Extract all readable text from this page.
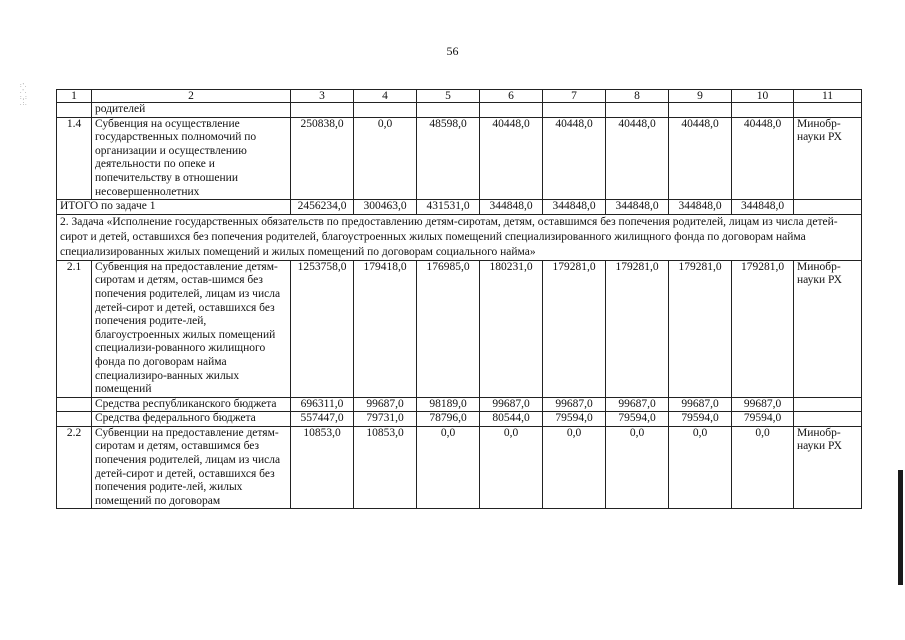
56
:'.
.'.
:,:
.:.
1	2	3	4	5	6	7	8	9	10	11
	родителей									
1.4	Субвенция на осуществление государственных полномочий по организации и осуществлению деятельности по опеке и попечительству в отношении несовершеннолетних	250838,0	0,0	48598,0	40448,0	40448,0	40448,0	40448,0	40448,0	Минобр-науки РХ
ИТОГО по задаче 1		2456234,0	300463,0	431531,0	344848,0	344848,0	344848,0	344848,0	344848,0	
2. Задача «Исполнение государственных обязательств по предоставлению детям-сиротам, детям, оставшимся без попечения родителей, лицам из числа детей-сирот и детей, оставшихся без попечения родителей, благоустроенных жилых помещений специализированного жилищного фонда по договорам найма специализированных жилых помещений и жилых помещений по договорам социального найма»										
2.1	Субвенция на предоставление детям-сиротам и детям, остав-шимся без попечения родителей, лицам из числа детей-сирот и детей, оставшихся без попечения родите-лей, благоустроенных жилых помещений специализи-рованного жилищного фонда по договорам найма специализиро-ванных жилых помещений	1253758,0	179418,0	176985,0	180231,0	179281,0	179281,0	179281,0	179281,0	Минобр-науки РХ
	Средства республиканского бюджета	696311,0	99687,0	98189,0	99687,0	99687,0	99687,0	99687,0	99687,0	
	Средства федерального бюджета	557447,0	79731,0	78796,0	80544,0	79594,0	79594,0	79594,0	79594,0	
2.2	Субвенции на предоставление детям-сиротам и детям, оставшимся без попечения родителей, лицам из числа детей-сирот и детей, оставшихся без попечения родите-лей, жилых помещений по договорам	10853,0	10853,0	0,0	0,0	0,0	0,0	0,0	0,0	Минобр-науки РХ
